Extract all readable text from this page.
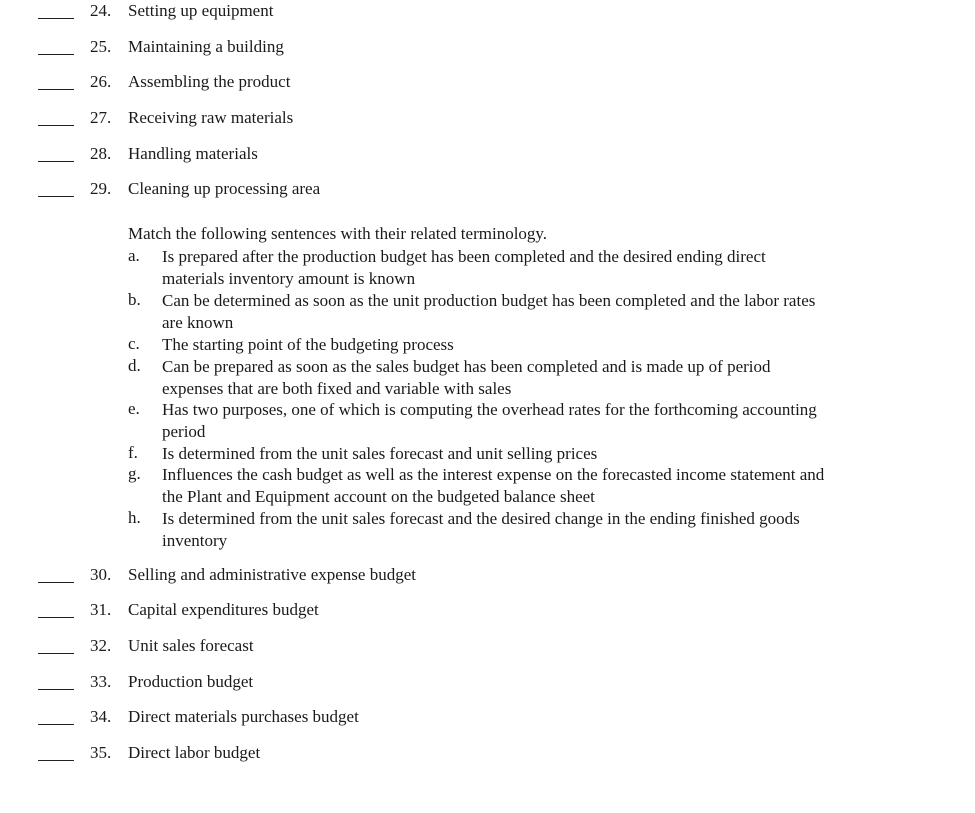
24. Setting up equipment
25. Maintaining a building
26. Assembling the product
27. Receiving raw materials
28. Handling materials
29. Cleaning up processing area
Match the following sentences with their related terminology.
a. Is prepared after the production budget has been completed and the desired ending direct materials inventory amount is known
b. Can be determined as soon as the unit production budget has been completed and the labor rates are known
c. The starting point of the budgeting process
d. Can be prepared as soon as the sales budget has been completed and is made up of period expenses that are both fixed and variable with sales
e. Has two purposes, one of which is computing the overhead rates for the forthcoming accounting period
f. Is determined from the unit sales forecast and unit selling prices
g. Influences the cash budget as well as the interest expense on the forecasted income statement and the Plant and Equipment account on the budgeted balance sheet
h. Is determined from the unit sales forecast and the desired change in the ending finished goods inventory
30. Selling and administrative expense budget
31. Capital expenditures budget
32. Unit sales forecast
33. Production budget
34. Direct materials purchases budget
35. Direct labor budget
